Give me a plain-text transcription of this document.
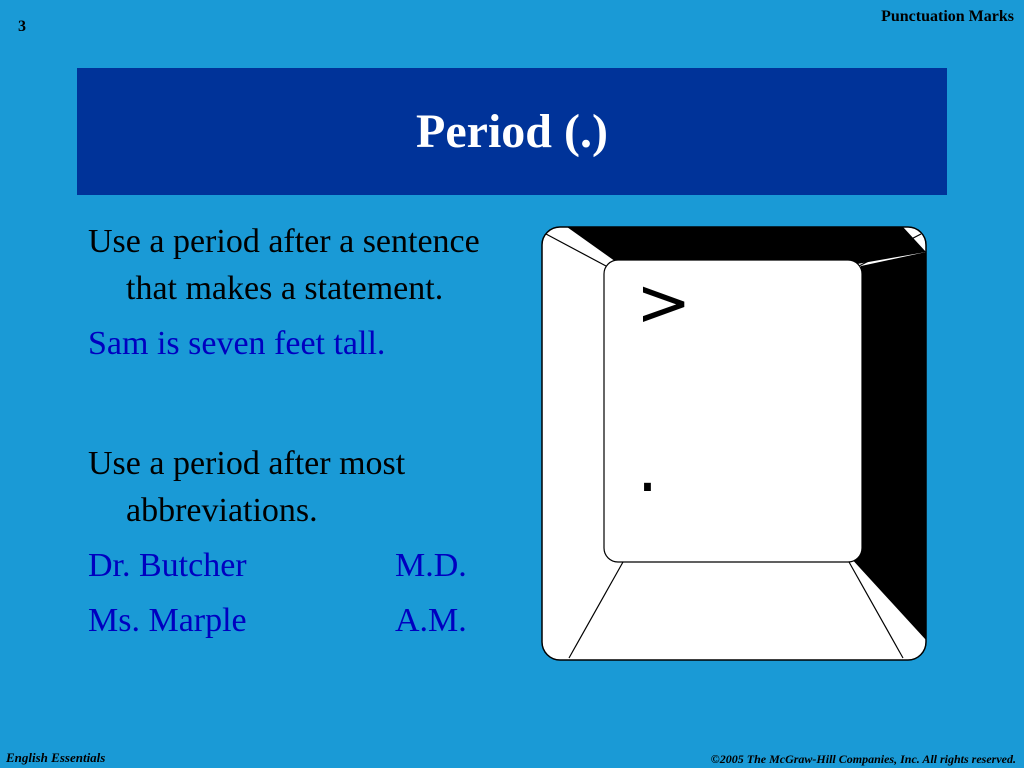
3
Punctuation Marks
Period (.)

Use a period after a sentence that makes a statement.

Sam is seven feet tall.

Use a period after most abbreviations.

Dr. Butcher	M.D.
Ms. Marple	A.M.
>
.
English Essentials	©2005 The McGraw-Hill Companies, Inc. All rights reserved.
